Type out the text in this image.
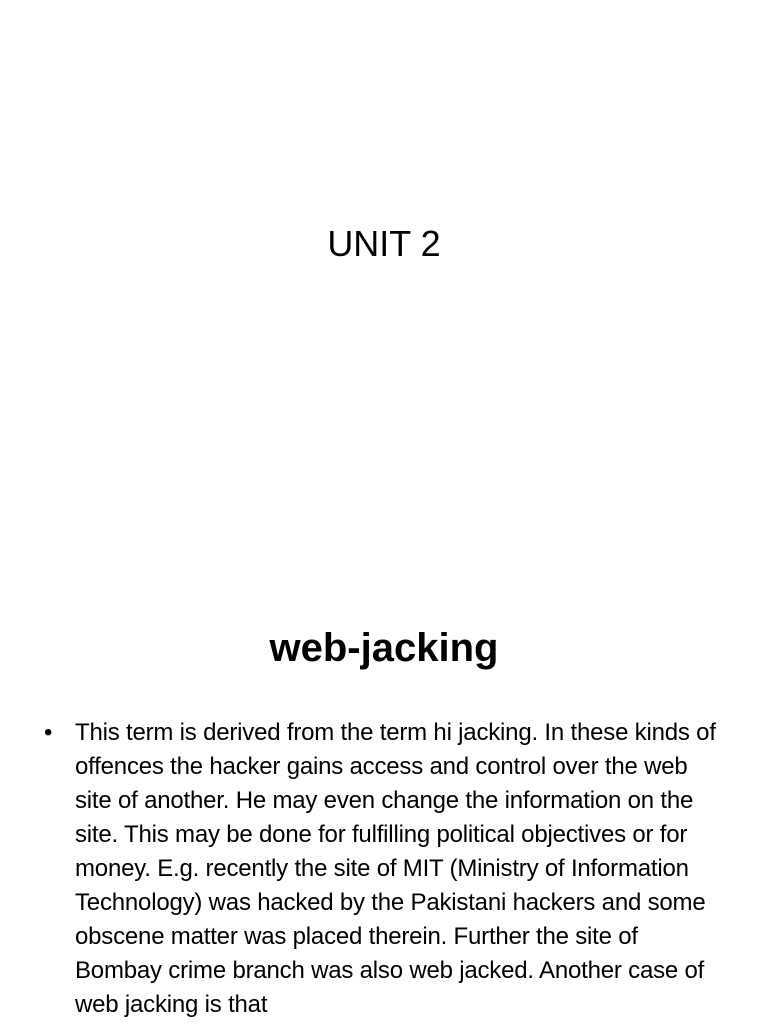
UNIT 2
web-jacking
• This term is derived from the term hi jacking. In these kinds of offences the hacker gains access and control over the web site of another. He may even change the information on the site. This may be done for fulfilling political objectives or for money. E.g. recently the site of MIT (Ministry of Information Technology) was hacked by the Pakistani hackers and some obscene matter was placed therein. Further the site of Bombay crime branch was also web jacked. Another case of web jacking is that
